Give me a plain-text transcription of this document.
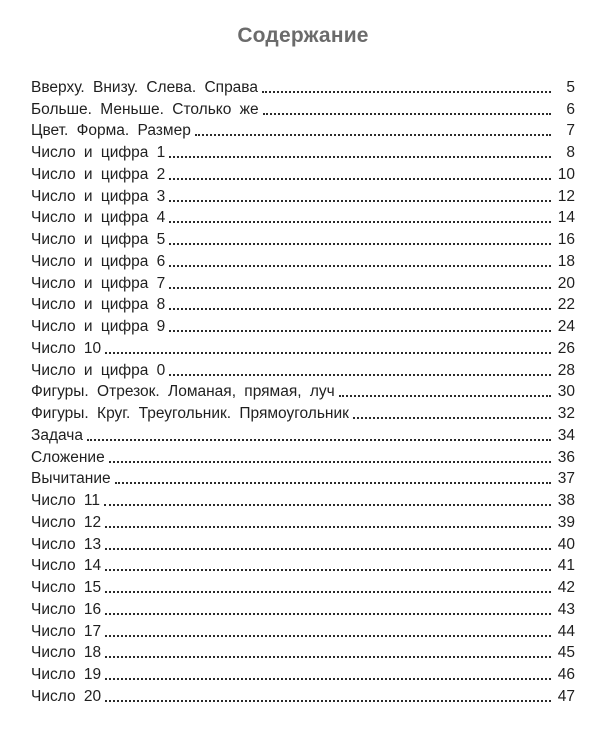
Содержание
Вверху. Внизу. Слева. Справа	5
Больше. Меньше. Столько же	6
Цвет. Форма. Размер	7
Число и цифра 1	8
Число и цифра 2	10
Число и цифра 3	12
Число и цифра 4	14
Число и цифра 5	16
Число и цифра 6	18
Число и цифра 7	20
Число и цифра 8	22
Число и цифра 9	24
Число 10	26
Число и цифра 0	28
Фигуры. Отрезок. Ломаная, прямая, луч	30
Фигуры. Круг. Треугольник. Прямоугольник	32
Задача	34
Сложение	36
Вычитание	37
Число 11	38
Число 12	39
Число 13	40
Число 14	41
Число 15	42
Число 16	43
Число 17	44
Число 18	45
Число 19	46
Число 20	47
